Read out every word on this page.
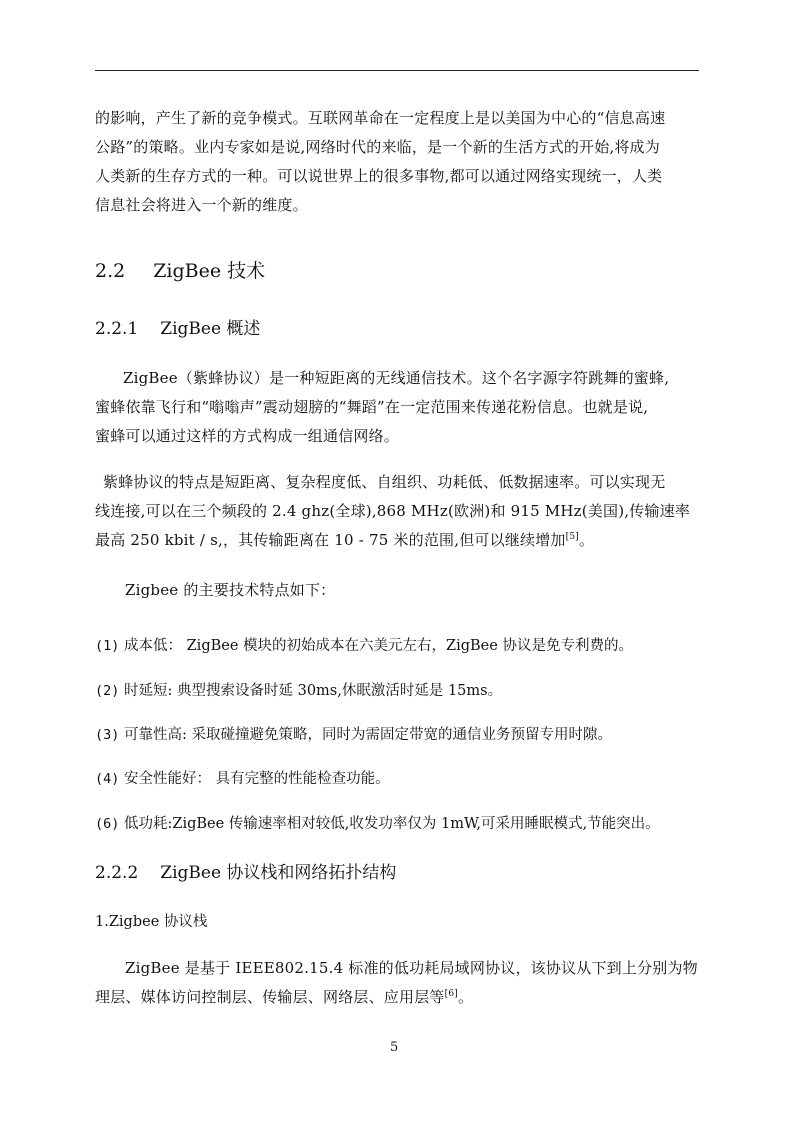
的影响，产生了新的竞争模式。互联网革命在一定程度上是以美国为中心的“信息高速
公路”的策略。业内专家如是说,网络时代的来临，是一个新的生活方式的开始,将成为
人类新的生存方式的一种。可以说世界上的很多事物,都可以通过网络实现统一，人类
信息社会将进入一个新的维度。
2.2 ZigBee 技术
2.2.1 ZigBee 概述
ZigBee（紫蜂协议）是一种短距离的无线通信技术。这个名字源字符跳舞的蜜蜂,
蜜蜂依靠飞行和“嗡嗡声”震动翅膀的“舞蹈”在一定范围来传递花粉信息。也就是说,
蜜蜂可以通过这样的方式构成一组通信网络。
紫蜂协议的特点是短距离、复杂程度低、自组织、功耗低、低数据速率。可以实现无
线连接,可以在三个频段的 2.4 ghz(全球),868 MHz(欧洲)和 915 MHz(美国),传输速率
最高 250 kbit / s,，其传输距离在 10 - 75 米的范围,但可以继续增加[5]。
Zigbee 的主要技术特点如下：
(1) 成本低： ZigBee 模块的初始成本在六美元左右，ZigBee 协议是免专利费的。
(2) 时延短: 典型搜索设备时延 30ms,休眠激活时延是 15ms。
(3) 可靠性高: 采取碰撞避免策略，同时为需固定带宽的通信业务预留专用时隙。
(4) 安全性能好： 具有完整的性能检查功能。
(6) 低功耗:ZigBee 传输速率相对较低,收发功率仅为 1mW,可采用睡眠模式,节能突出。
2.2.2 ZigBee 协议栈和网络拓扑结构
1.Zigbee 协议栈
ZigBee 是基于 IEEE802.15.4 标准的低功耗局域网协议，该协议从下到上分别为物
理层、媒体访问控制层、传输层、网络层、应用层等[6]。
5
